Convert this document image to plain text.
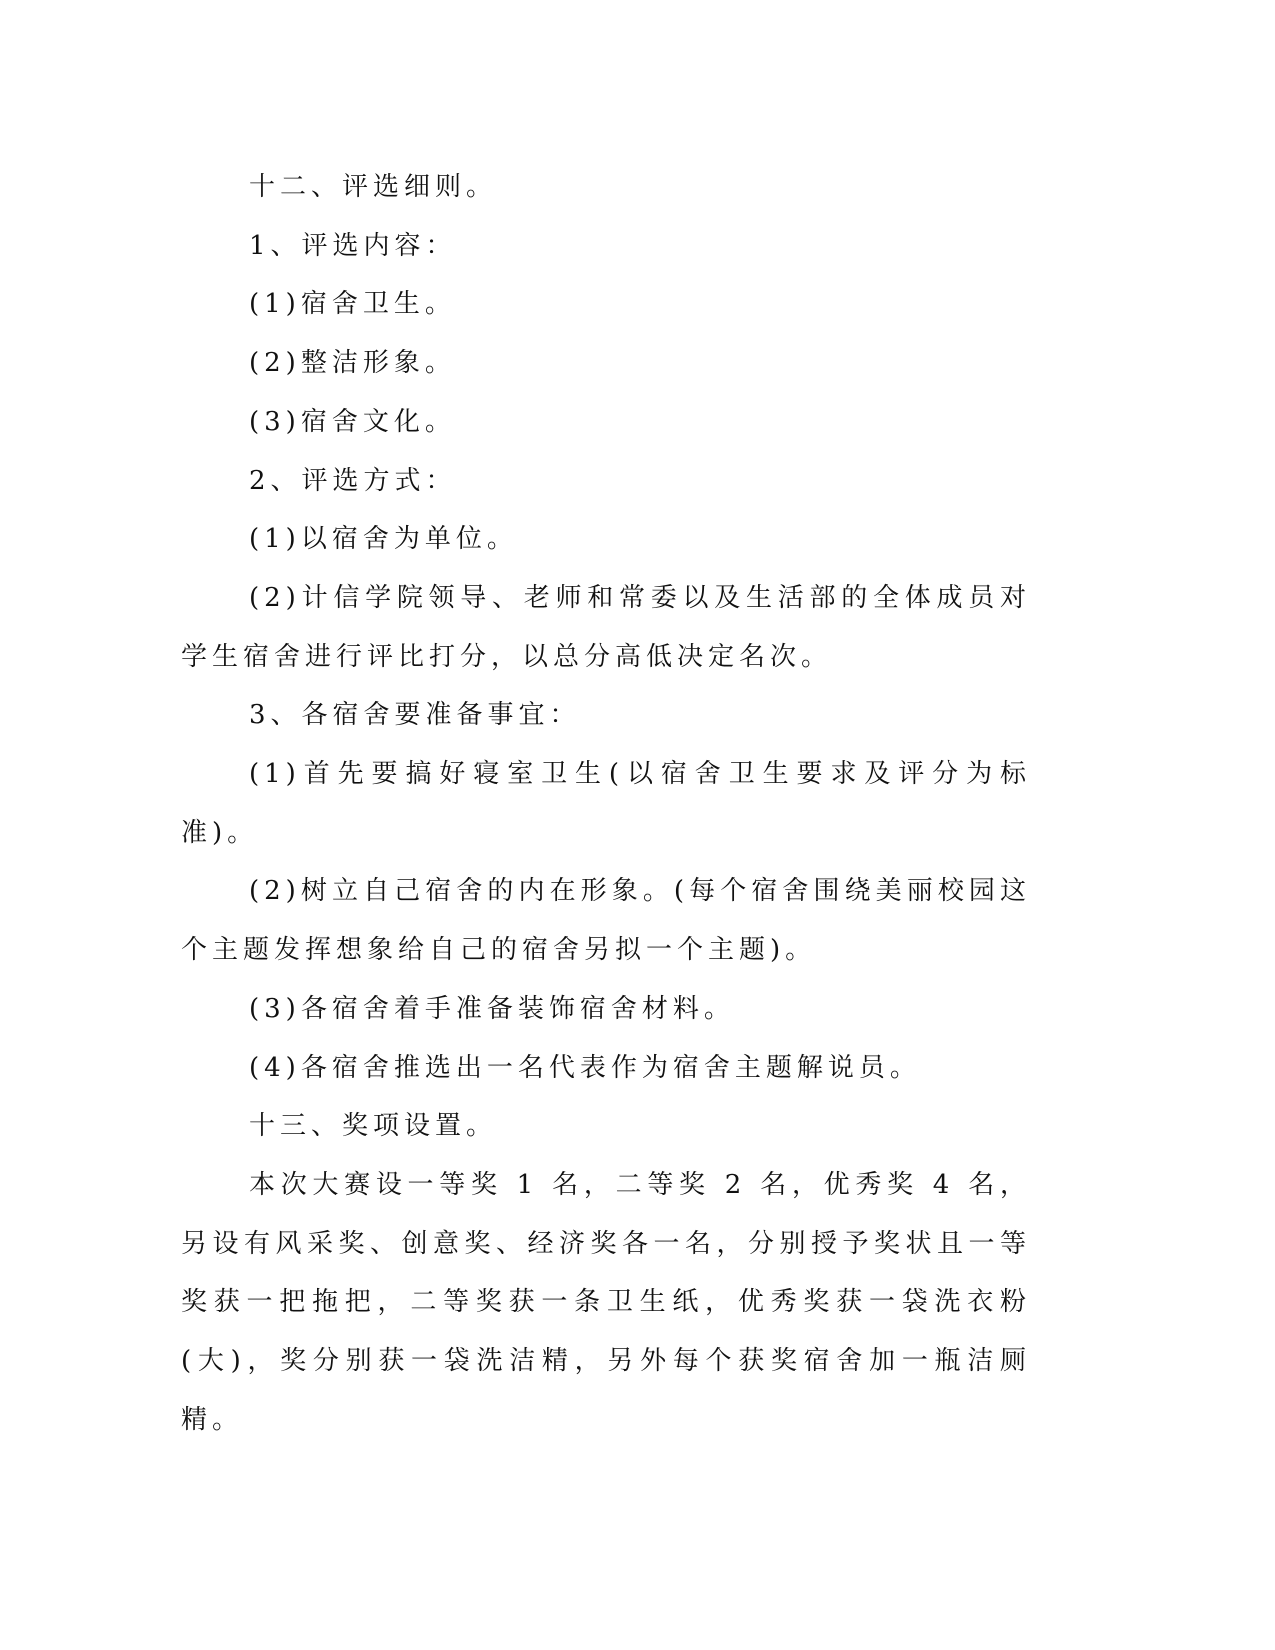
十二、评选细则。

1、评选内容：

(1)宿舍卫生。

(2)整洁形象。

(3)宿舍文化。

2、评选方式：

(1)以宿舍为单位。

(2)计信学院领导、老师和常委以及生活部的全体成员对学生宿舍进行评比打分，以总分高低决定名次。

3、各宿舍要准备事宜：

(1)首先要搞好寝室卫生(以宿舍卫生要求及评分为标准)。

(2)树立自己宿舍的内在形象。(每个宿舍围绕美丽校园这个主题发挥想象给自己的宿舍另拟一个主题)。

(3)各宿舍着手准备装饰宿舍材料。

(4)各宿舍推选出一名代表作为宿舍主题解说员。

十三、奖项设置。

本次大赛设一等奖 1 名，二等奖 2 名，优秀奖 4 名，另设有风采奖、创意奖、经济奖各一名，分别授予奖状且一等奖获一把拖把，二等奖获一条卫生纸，优秀奖获一袋洗衣粉(大)，奖分别获一袋洗洁精，另外每个获奖宿舍加一瓶洁厕精。
